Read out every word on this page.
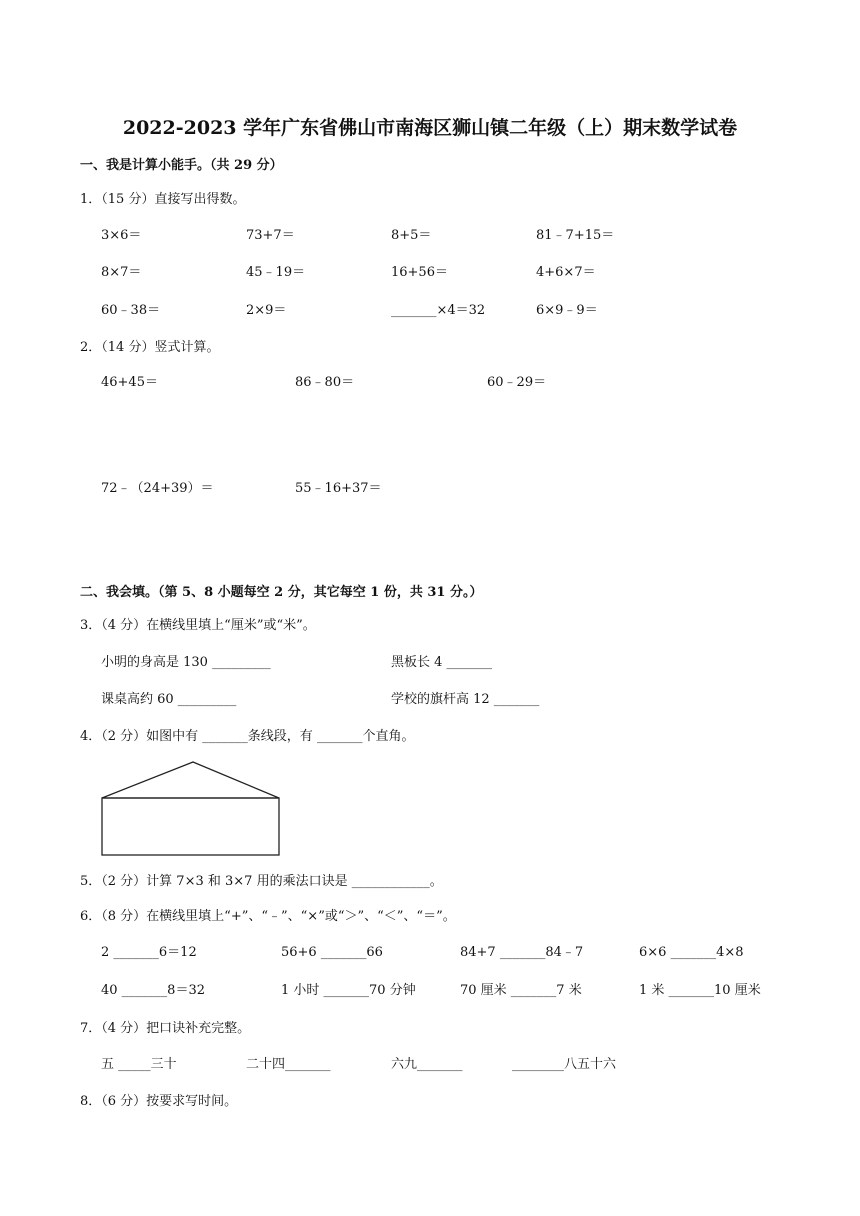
2022-2023 学年广东省佛山市南海区狮山镇二年级（上）期末数学试卷
一、我是计算小能手。（共 29 分）
1．（15 分）直接写出得数。
3×6＝	73+7＝	8+5＝	81﹣7+15＝
8×7＝	45﹣19＝	16+56＝	4+6×7＝
60﹣38＝	2×9＝	_______×4＝32	6×9﹣9＝
2．（14 分）竖式计算。
46+45＝	86﹣80＝	60﹣29＝
72﹣（24+39）＝	55﹣16+37＝
二、我会填。（第 5、8 小题每空 2 分，其它每空 1 份，共 31 分。）
3．（4 分）在横线里填上“厘米”或“米”。
小明的身高是 130 _________	黑板长 4 _______
课桌高约 60 _________	学校的旗杆高 12 _______
4．（2 分）如图中有 _______条线段，有 _______个直角。
5．（2 分）计算 7×3 和 3×7 用的乘法口诀是 ____________。
6．（8 分）在横线里填上“+”、“﹣”、“×”或“＞”、“＜”、“＝”。
2 _______6＝12	56+6 _______66	84+7 _______84﹣7	6×6 _______4×8
40 _______8＝32	1 小时 _______70 分钟	70 厘米 _______7 米	1 米 _______10 厘米
7．（4 分）把口诀补充完整。
五 _____三十	二十四_______	六九_______	________八五十六
8．（6 分）按要求写时间。
